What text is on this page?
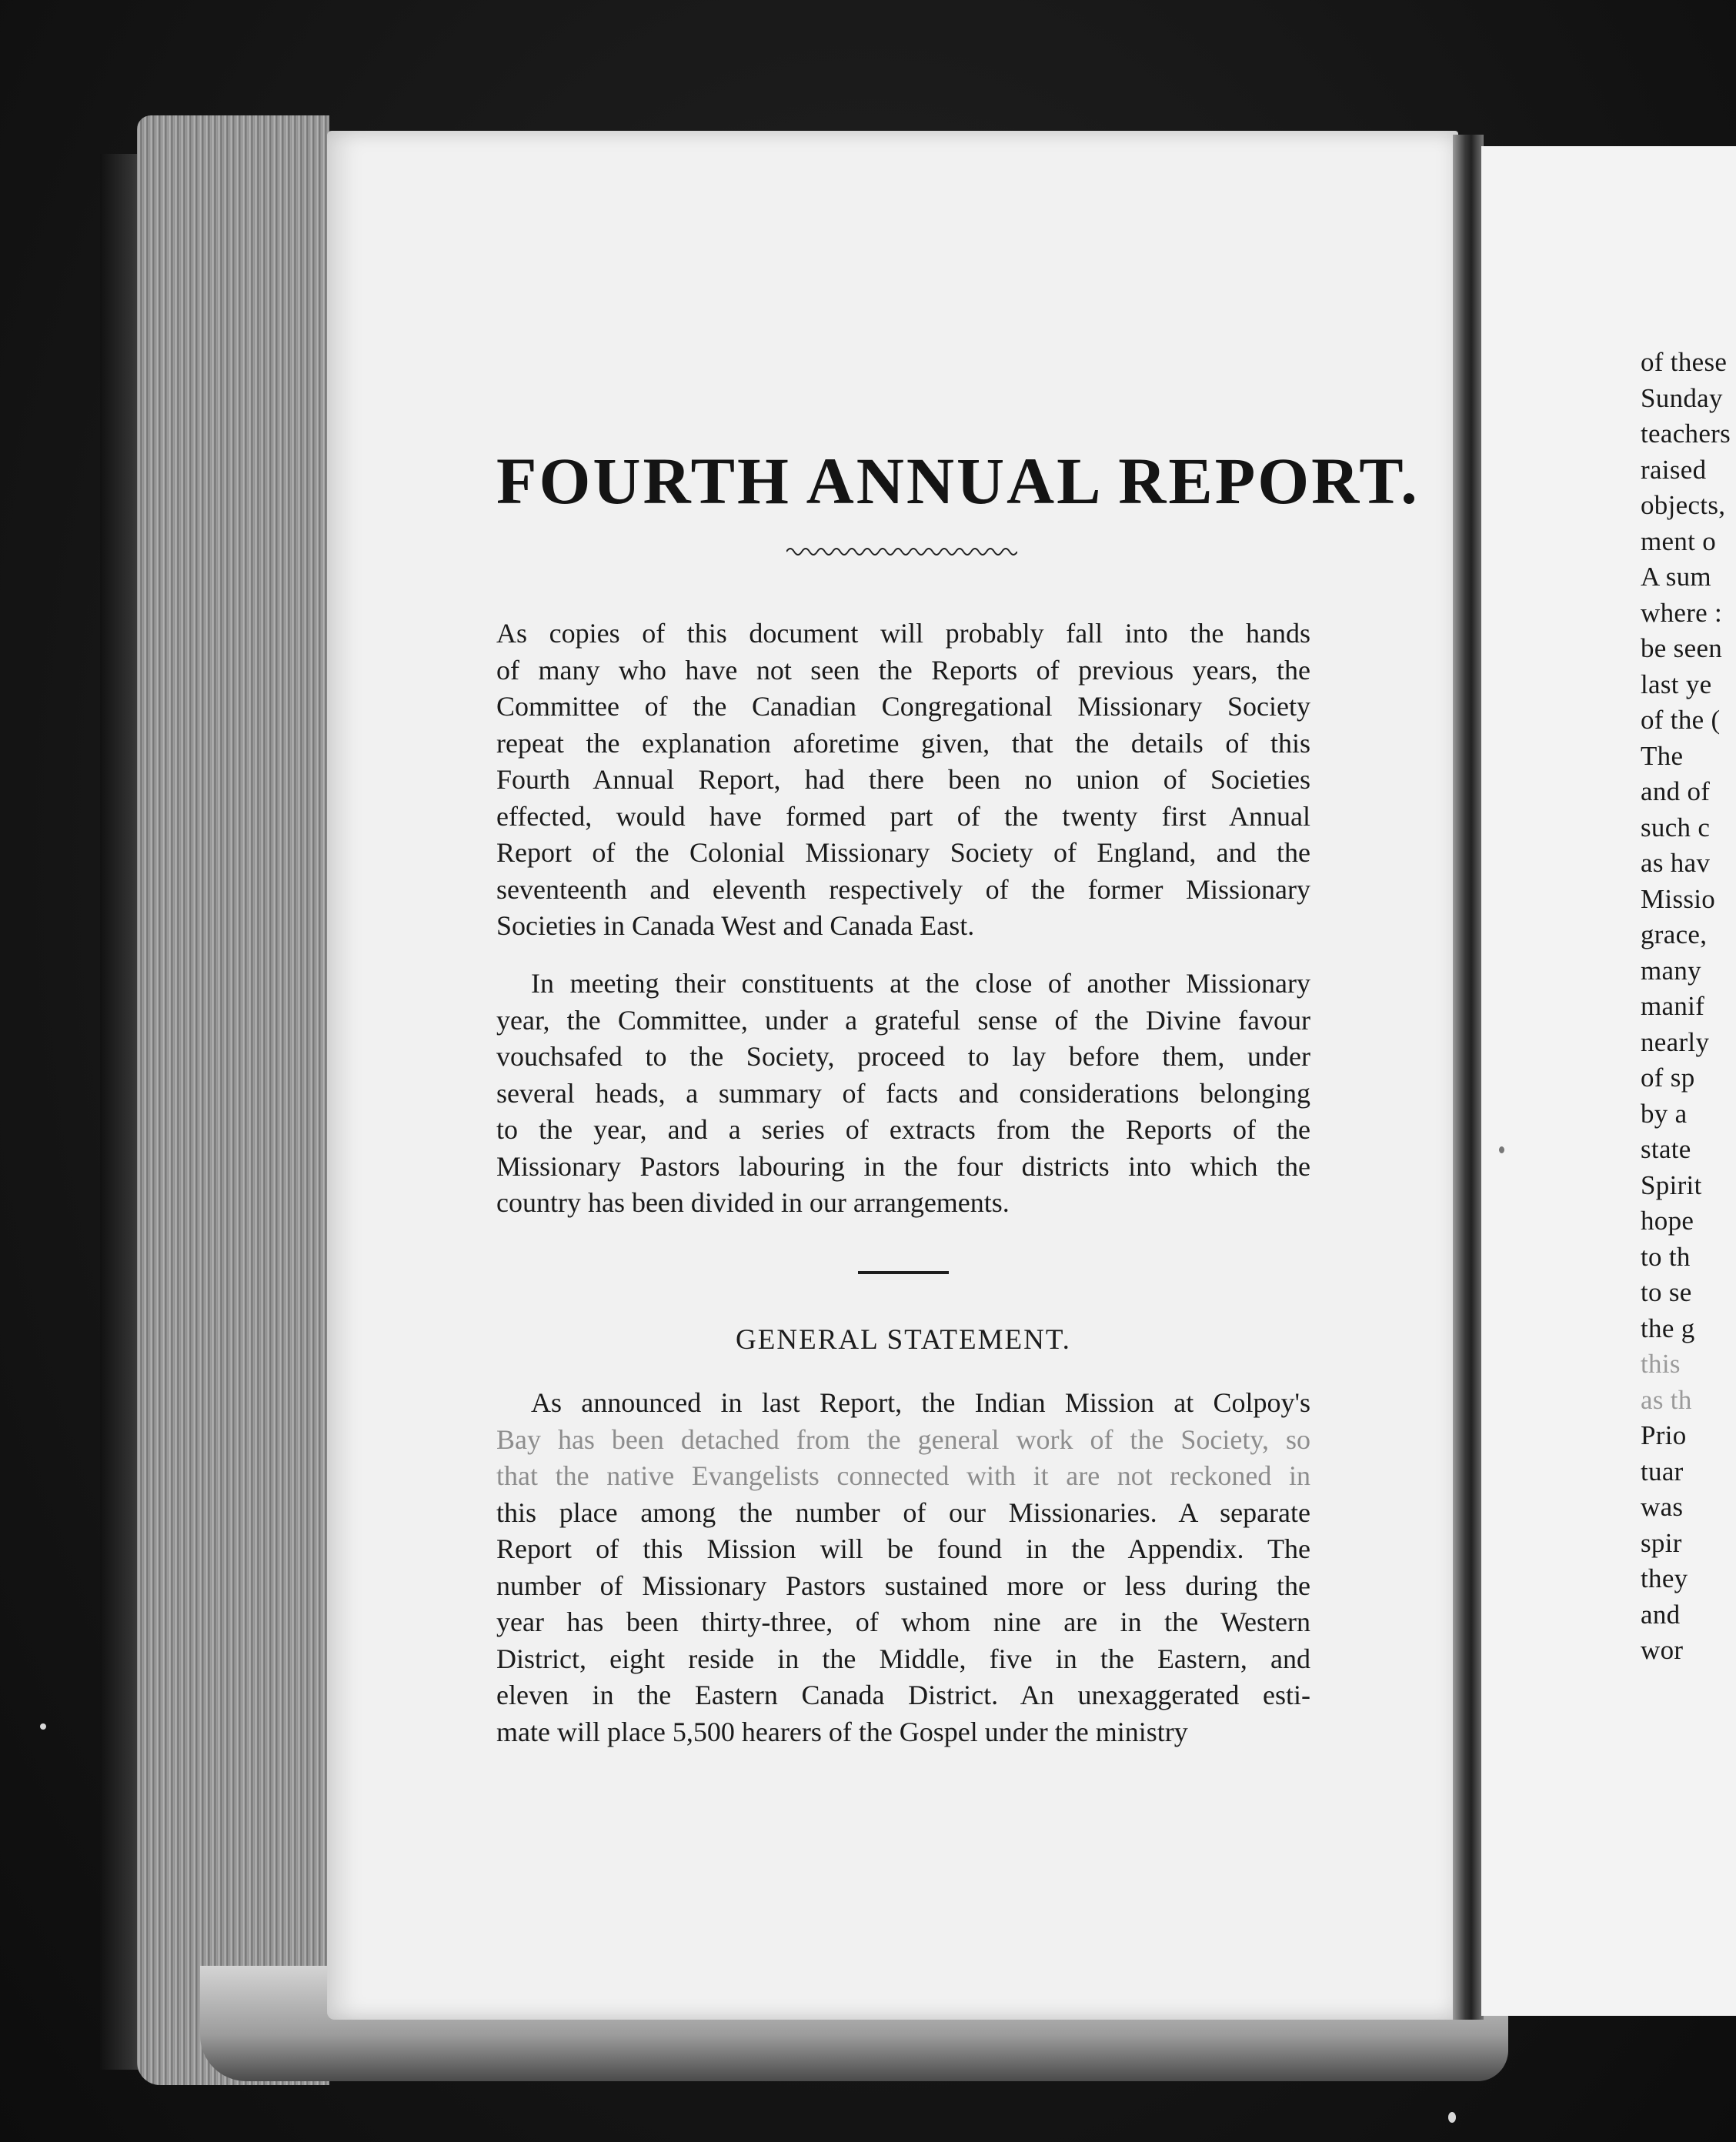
of these
Sunday
teachers
raised
objects,
ment o
A sum
where :
be seen
last ye
of the (
The
and of
such c
as hav
Missio
grace,
many
manif
nearly
of sp
by a
state
Spirit
hope
to th
to se
the g
this
as th
Prio
tuar
was
spir
they
and
wor
FOURTH ANNUAL REPORT.
As copies of this document will probably fall into the hands
of many who have not seen the Reports of previous years, the
Committee of the Canadian Congregational Missionary Society
repeat the explanation aforetime given, that the details of this
Fourth Annual Report, had there been no union of Societies
effected, would have formed part of the twenty first Annual
Report of the Colonial Missionary Society of England, and the
seventeenth and eleventh respectively of the former Missionary
Societies in Canada West and Canada East.
In meeting their constituents at the close of another Missionary
year, the Committee, under a grateful sense of the Divine favour
vouchsafed to the Society, proceed to lay before them, under
several heads, a summary of facts and considerations belonging
to the year, and a series of extracts from the Reports of the
Missionary Pastors labouring in the four districts into which the
country has been divided in our arrangements.
GENERAL STATEMENT.
As announced in last Report, the Indian Mission at Colpoy's
Bay has been detached from the general work of the Society, so
that the native Evangelists connected with it are not reckoned in
this place among the number of our Missionaries. A separate
Report of this Mission will be found in the Appendix. The
number of Missionary Pastors sustained more or less during the
year has been thirty-three, of whom nine are in the Western
District, eight reside in the Middle, five in the Eastern, and
eleven in the Eastern Canada District. An unexaggerated esti-
mate will place 5,500 hearers of the Gospel under the ministry
